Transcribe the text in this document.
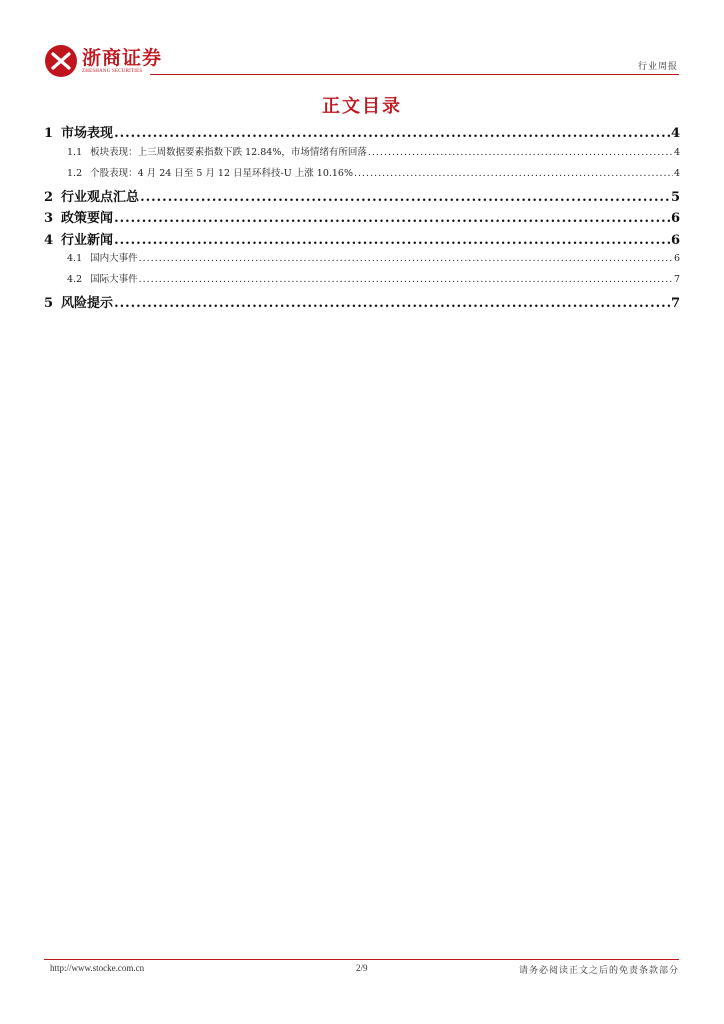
浙商证券
ZHESHANG SECURITIES	行业周报
正文目录
1 市场表现 .....	4
1.1 板块表现：上三周数据要素指数下跌 12.84%，市场情绪有所回落 .....	4
1.2 个股表现：4 月 24 日至 5 月 12 日星环科技-U 上涨 10.16% .....	4
2 行业观点汇总 .....	5
3 政策要闻 .....	6
4 行业新闻 .....	6
4.1 国内大事件 .....	6
4.2 国际大事件 .....	7
5 风险提示 .....	7
http://www.stocke.com.cn	2/9	请务必阅读正文之后的免责条款部分
